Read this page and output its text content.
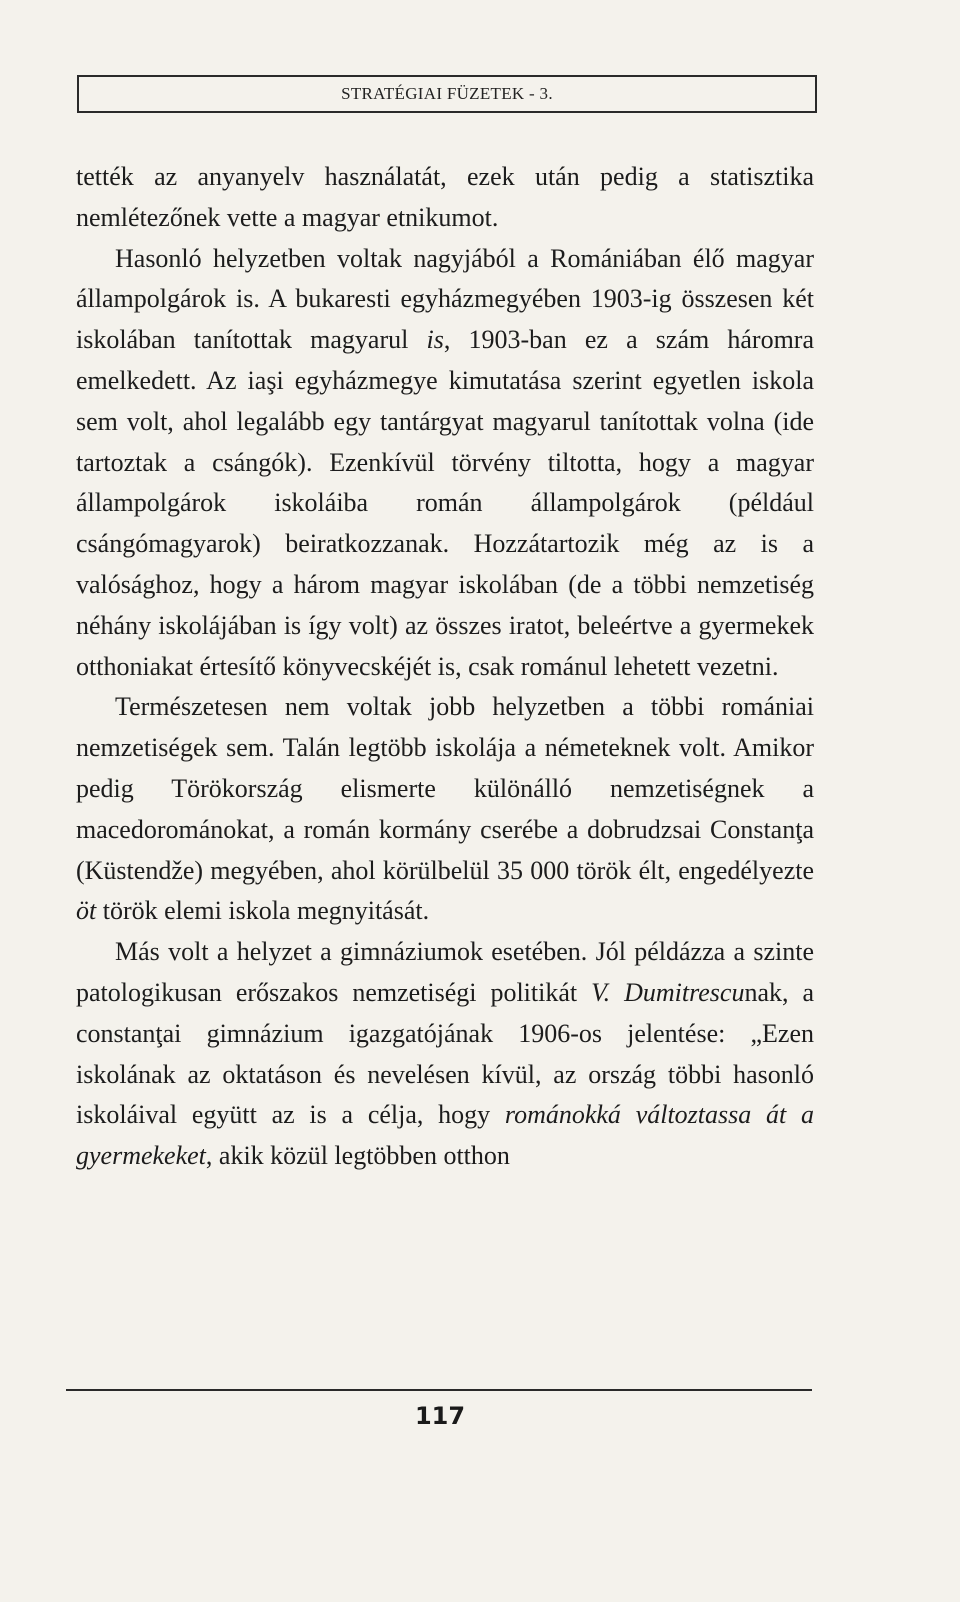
STRATÉGIAI FÜZETEK - 3.

tették az anyanyelv használatát, ezek után pedig a statisztika nemlétezőnek vette a magyar etnikumot.

Hasonló helyzetben voltak nagyjából a Romániában élő magyar állampolgárok is. A bukaresti egyházmegyében 1903-ig összesen két iskolában tanítottak magyarul is, 1903-ban ez a szám háromra emelkedett. Az iaşi egyházmegye kimutatása szerint egyetlen iskola sem volt, ahol legalább egy tantárgyat magyarul tanítottak volna (ide tartoztak a csángók). Ezenkívül törvény tiltotta, hogy a magyar állampolgárok iskoláiba román állampolgárok (például csángómagyarok) beiratkozzanak. Hozzátartozik még az is a valósághoz, hogy a három magyar iskolában (de a többi nemzetiség néhány iskolájában is így volt) az összes iratot, beleértve a gyermekek otthoniakat értesítő könyvecskéjét is, csak románul lehetett vezetni.

Természetesen nem voltak jobb helyzetben a többi romániai nemzetiségek sem. Talán legtöbb iskolája a németeknek volt. Amikor pedig Törökország elismerte különálló nemzetiségnek a macedorománokat, a román kormány cserébe a dobrudzsai Constanţa (Küstendže) megyében, ahol körülbelül 35 000 török élt, engedélyezte öt török elemi iskola megnyitását.

Más volt a helyzet a gimnáziumok esetében. Jól példázza a szinte patologikusan erőszakos nemzetiségi politikát V. Dumitrescunak, a constanţai gimnázium igazgatójának 1906-os jelentése: „Ezen iskolának az oktatáson és nevelésen kívül, az ország többi hasonló iskoláival együtt az is a célja, hogy románokká változtassa át a gyermekeket, akik közül legtöbben otthon

117
